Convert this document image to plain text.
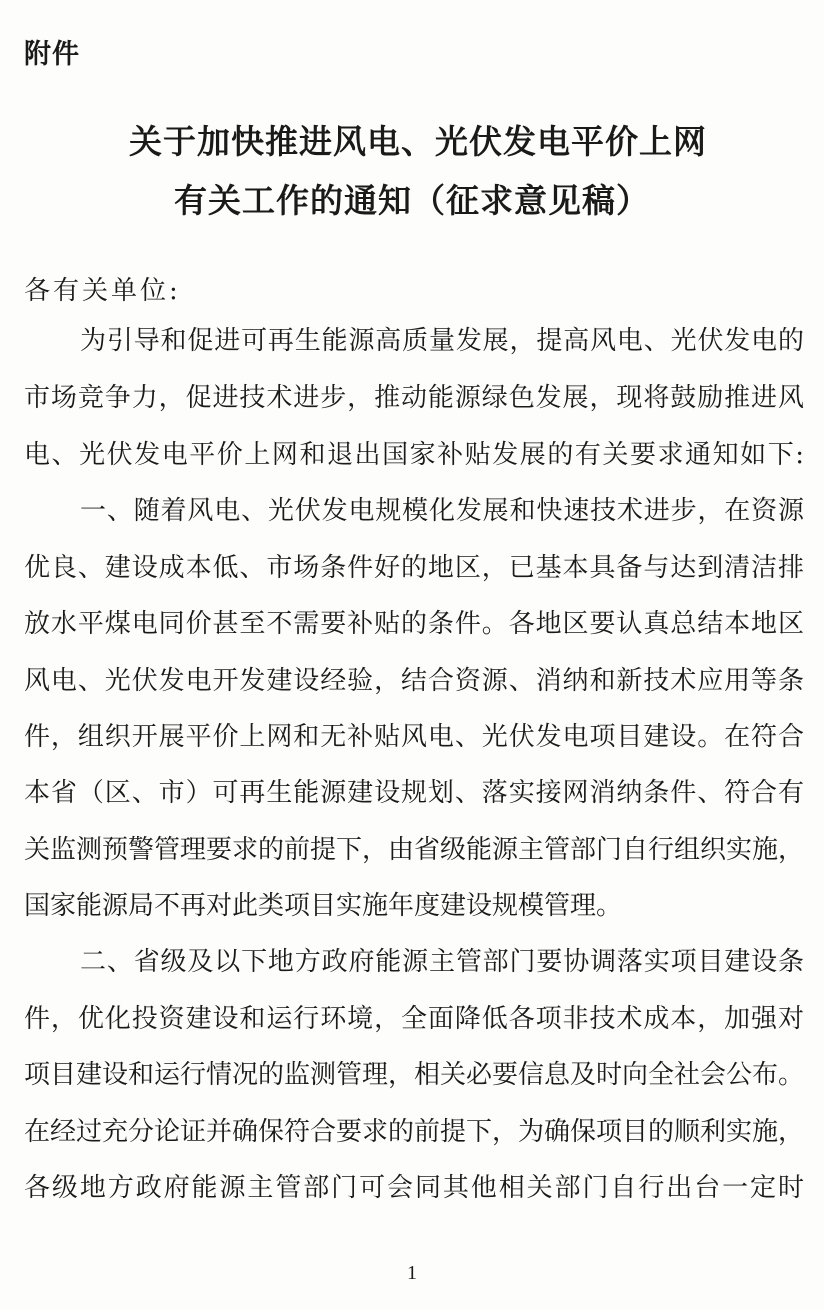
附件
关于加快推进风电、光伏发电平价上网
有关工作的通知（征求意见稿）
各有关单位:
为引导和促进可再生能源高质量发展，提高风电、光伏发电的
市场竞争力，促进技术进步，推动能源绿色发展，现将鼓励推进风
电、光伏发电平价上网和退出国家补贴发展的有关要求通知如下:
一、随着风电、光伏发电规模化发展和快速技术进步，在资源
优良、建设成本低、市场条件好的地区，已基本具备与达到清洁排
放水平煤电同价甚至不需要补贴的条件。各地区要认真总结本地区
风电、光伏发电开发建设经验，结合资源、消纳和新技术应用等条
件，组织开展平价上网和无补贴风电、光伏发电项目建设。在符合
本省（区、市）可再生能源建设规划、落实接网消纳条件、符合有
关监测预警管理要求的前提下，由省级能源主管部门自行组织实施，
国家能源局不再对此类项目实施年度建设规模管理。
二、省级及以下地方政府能源主管部门要协调落实项目建设条
件，优化投资建设和运行环境，全面降低各项非技术成本，加强对
项目建设和运行情况的监测管理，相关必要信息及时向全社会公布。
在经过充分论证并确保符合要求的前提下，为确保项目的顺利实施，
各级地方政府能源主管部门可会同其他相关部门自行出台一定时
1
